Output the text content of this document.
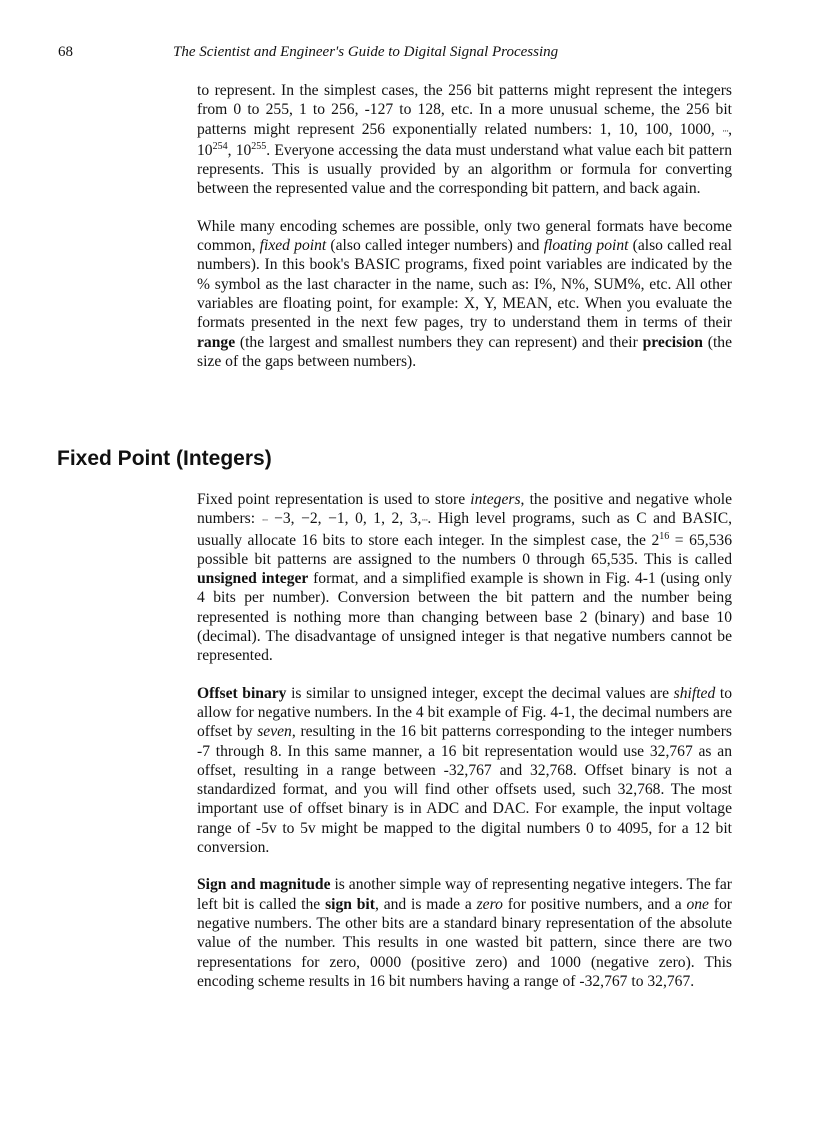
68	The Scientist and Engineer's Guide to Digital Signal Processing

to represent. In the simplest cases, the 256 bit patterns might represent the integers from 0 to 255, 1 to 256, -127 to 128, etc. In a more unusual scheme, the 256 bit patterns might represent 256 exponentially related numbers: 1, 10, 100, 1000, ···, $10^{254}$, $10^{255}$. Everyone accessing the data must understand what value each bit pattern represents. This is usually provided by an algorithm or formula for converting between the represented value and the corresponding bit pattern, and back again.

While many encoding schemes are possible, only two general formats have become common, fixed point (also called integer numbers) and floating point (also called real numbers). In this book's BASIC programs, fixed point variables are indicated by the % symbol as the last character in the name, such as: I%, N%, SUM%, etc. All other variables are floating point, for example: X, Y, MEAN, etc. When you evaluate the formats presented in the next few pages, try to understand them in terms of their range (the largest and smallest numbers they can represent) and their precision (the size of the gaps between numbers).

Fixed Point (Integers)

Fixed point representation is used to store integers, the positive and negative whole numbers: ··· −3, −2, −1, 0, 1, 2, 3,···. High level programs, such as C and BASIC, usually allocate 16 bits to store each integer. In the simplest case, the $2^{16} = 65,536$ possible bit patterns are assigned to the numbers 0 through 65,535. This is called unsigned integer format, and a simplified example is shown in Fig. 4-1 (using only 4 bits per number). Conversion between the bit pattern and the number being represented is nothing more than changing between base 2 (binary) and base 10 (decimal). The disadvantage of unsigned integer is that negative numbers cannot be represented.

Offset binary is similar to unsigned integer, except the decimal values are shifted to allow for negative numbers. In the 4 bit example of Fig. 4-1, the decimal numbers are offset by seven, resulting in the 16 bit patterns corresponding to the integer numbers -7 through 8. In this same manner, a 16 bit representation would use 32,767 as an offset, resulting in a range between -32,767 and 32,768. Offset binary is not a standardized format, and you will find other offsets used, such 32,768. The most important use of offset binary is in ADC and DAC. For example, the input voltage range of -5v to 5v might be mapped to the digital numbers 0 to 4095, for a 12 bit conversion.

Sign and magnitude is another simple way of representing negative integers. The far left bit is called the sign bit, and is made a zero for positive numbers, and a one for negative numbers. The other bits are a standard binary representation of the absolute value of the number. This results in one wasted bit pattern, since there are two representations for zero, 0000 (positive zero) and 1000 (negative zero). This encoding scheme results in 16 bit numbers having a range of -32,767 to 32,767.
